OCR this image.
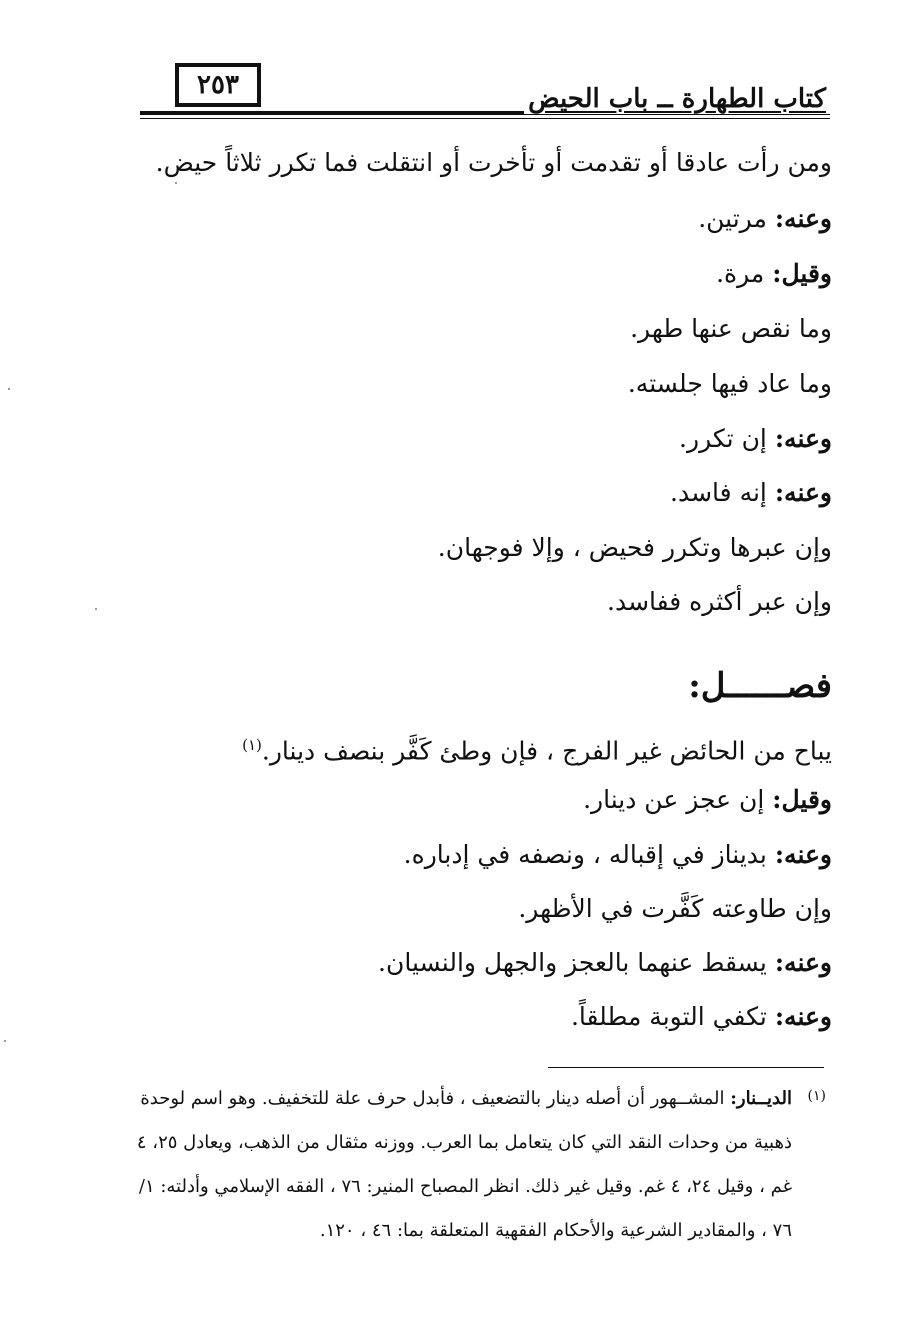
٢٥٣	كتاب الطهارة ــ باب الحيض
ومن رأت عادقا أو تقدمت أو تأخرت أو انتقلت فما تكرر ثلاثاً حيض.
وعنه: مرتين.
وقيل: مرة.
وما نقص عنها طهر.
وما عاد فيها جلسته.
وعنه: إن تكرر.
وعنه: إنه فاسد.
وإن عبرها وتكرر فحيض ، وإلا فوجهان.
وإن عبر أكثره ففاسد.
فصــــــل:
يباح من الحائض غير الفرج ، فإن وطئ كَفَّر بنصف دينار.$^{(١)}$
وقيل: إن عجز عن دينار.
وعنه: بديناز في إقباله ، ونصفه في إدباره.
وإن طاوعته كَفَّرت في الأظهر.
وعنه: يسقط عنهما بالعجز والجهل والنسيان.
وعنه: تكفي التوبة مطلقاً.
(١)
الديــنار: المشــهور أن أصله دينار بالتضعيف ، فأبدل حرف علة للتخفيف. وهو اسم لوحدة
ذهبية من وحدات النقد التي كان يتعامل بما العرب. ووزنه مثقال من الذهب، ويعادل ٢٥، ٤
غم ، وقيل ٢٤، ٤ غم. وقيل غير ذلك. انظر المصباح المنير: ٧٦ ، الفقه الإسلامي وأدلته: ١/
٧٦ ، والمقادير الشرعية والأحكام الفقهية المتعلقة بما: ٤٦ ، ١٢٠.
